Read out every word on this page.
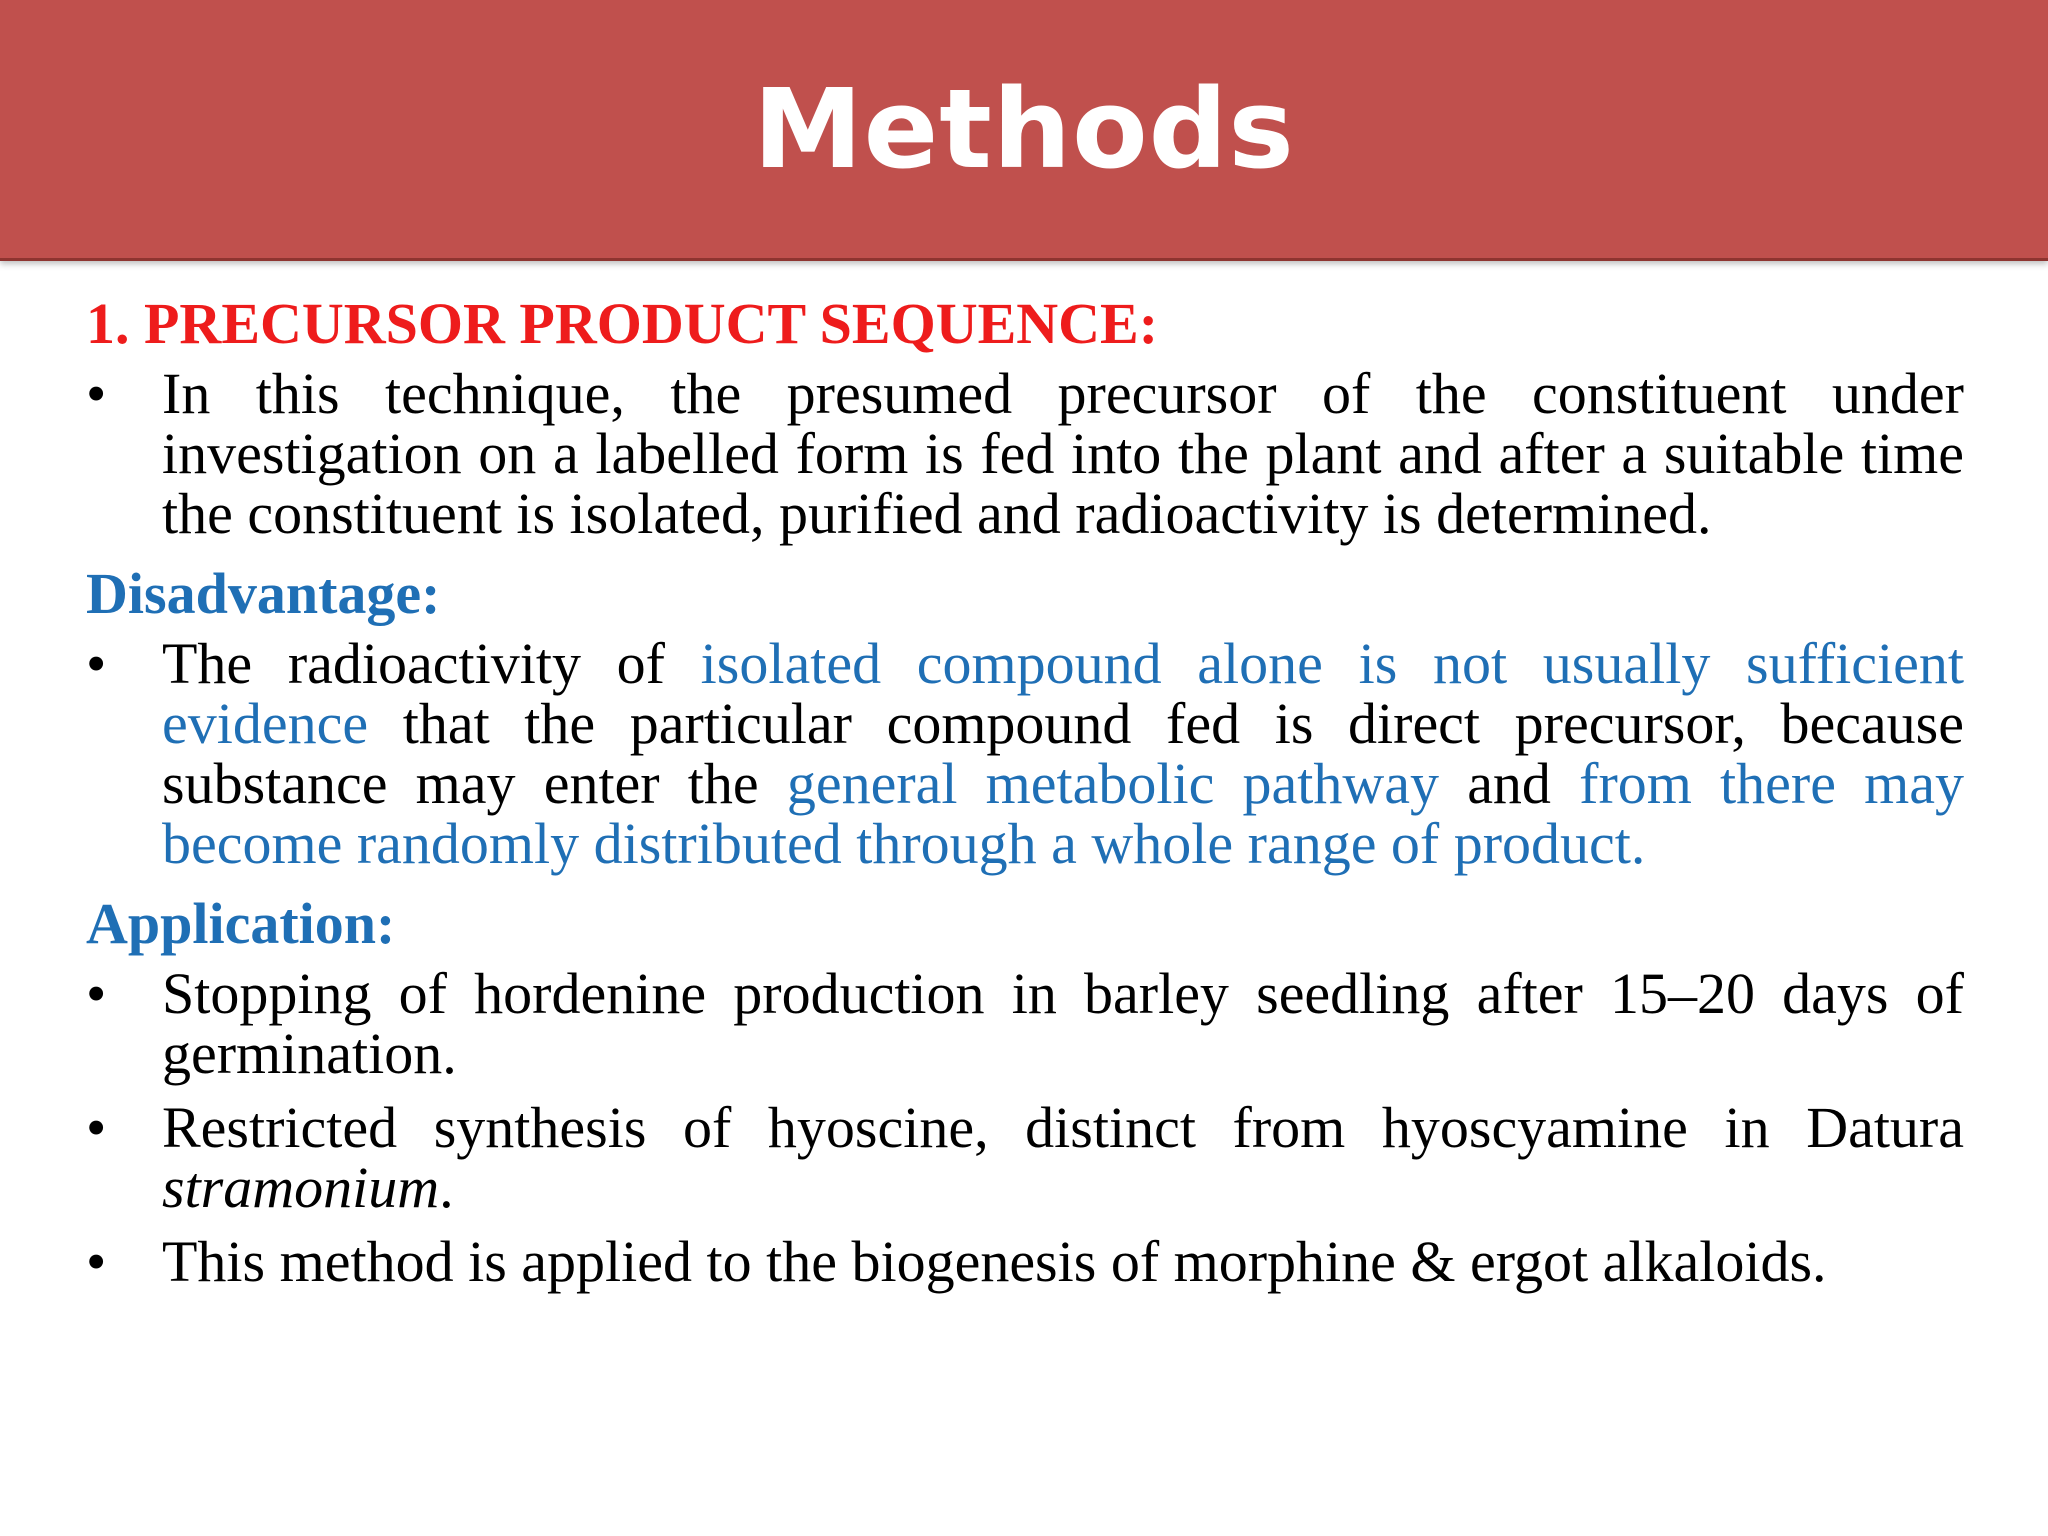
Methods
1. PRECURSOR PRODUCT SEQUENCE:
• In this technique, the presumed precursor of the constituent under investigation on a labelled form is fed into the plant and after a suitable time the constituent is isolated, purified and radioactivity is determined.
Disadvantage:
• The radioactivity of isolated compound alone is not usually sufficient evidence that the particular compound fed is direct precursor, because substance may enter the general metabolic pathway and from there may become randomly distributed through a whole range of product.
Application:
• Stopping of hordenine production in barley seedling after 15–20 days of germination.
• Restricted synthesis of hyoscine, distinct from hyoscyamine in Datura stramonium.
• This method is applied to the biogenesis of morphine & ergot alkaloids.
